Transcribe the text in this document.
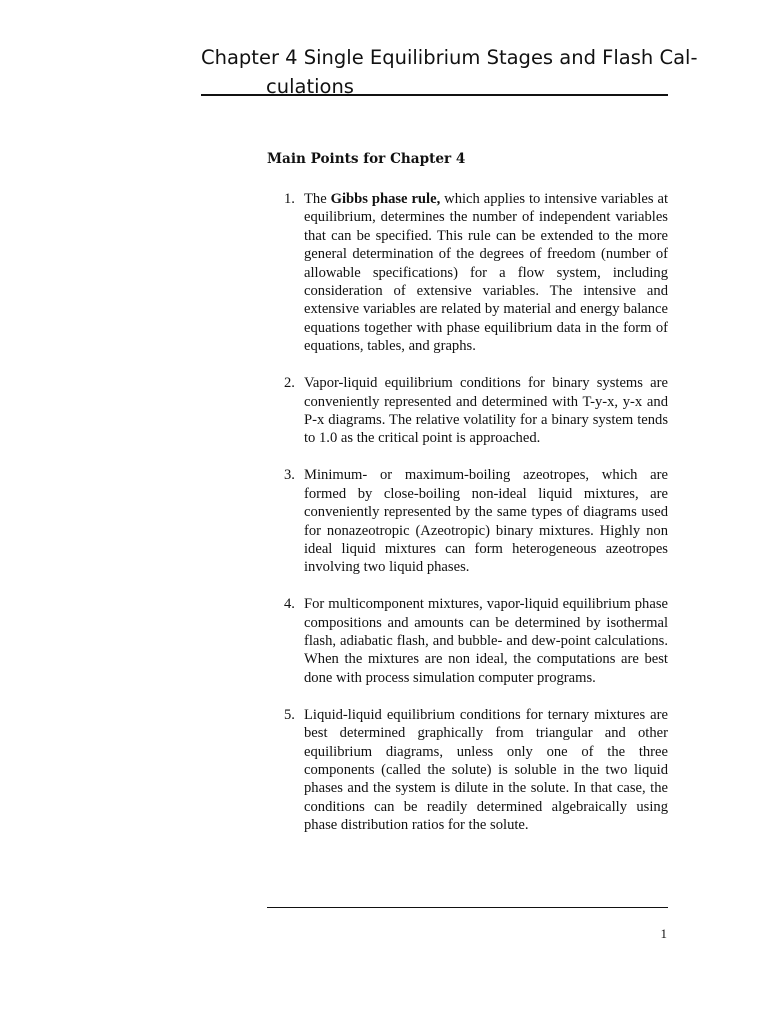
Chapter 4 Single Equilibrium Stages and Flash Cal-
culations
Main Points for Chapter 4
1. The Gibbs phase rule, which applies to intensive variables at equilibrium, determines the number of independent variables that can be specified. This rule can be extended to the more general determination of the degrees of freedom (number of allowable specifications) for a flow system, including consideration of extensive variables. The intensive and extensive variables are related by material and energy balance equations together with phase equilibrium data in the form of equations, tables, and graphs.
2. Vapor-liquid equilibrium conditions for binary systems are conveniently represented and determined with T-y-x, y-x and P-x diagrams. The relative volatility for a binary system tends to 1.0 as the critical point is approached.
3. Minimum- or maximum-boiling azeotropes, which are formed by close-boiling non-ideal liquid mixtures, are conveniently represented by the same types of diagrams used for nonazeotropic (Azeotropic) binary mixtures. Highly non ideal liquid mixtures can form heterogeneous azeotropes involving two liquid phases.
4. For multicomponent mixtures, vapor-liquid equilibrium phase compositions and amounts can be determined by isothermal flash, adiabatic flash, and bubble- and dew-point calculations. When the mixtures are non ideal, the computations are best done with process simulation computer programs.
5. Liquid-liquid equilibrium conditions for ternary mixtures are best determined graphically from triangular and other equilibrium diagrams, unless only one of the three components (called the solute) is soluble in the two liquid phases and the system is dilute in the solute. In that case, the conditions can be readily determined algebraically using phase distribution ratios for the solute.
1
